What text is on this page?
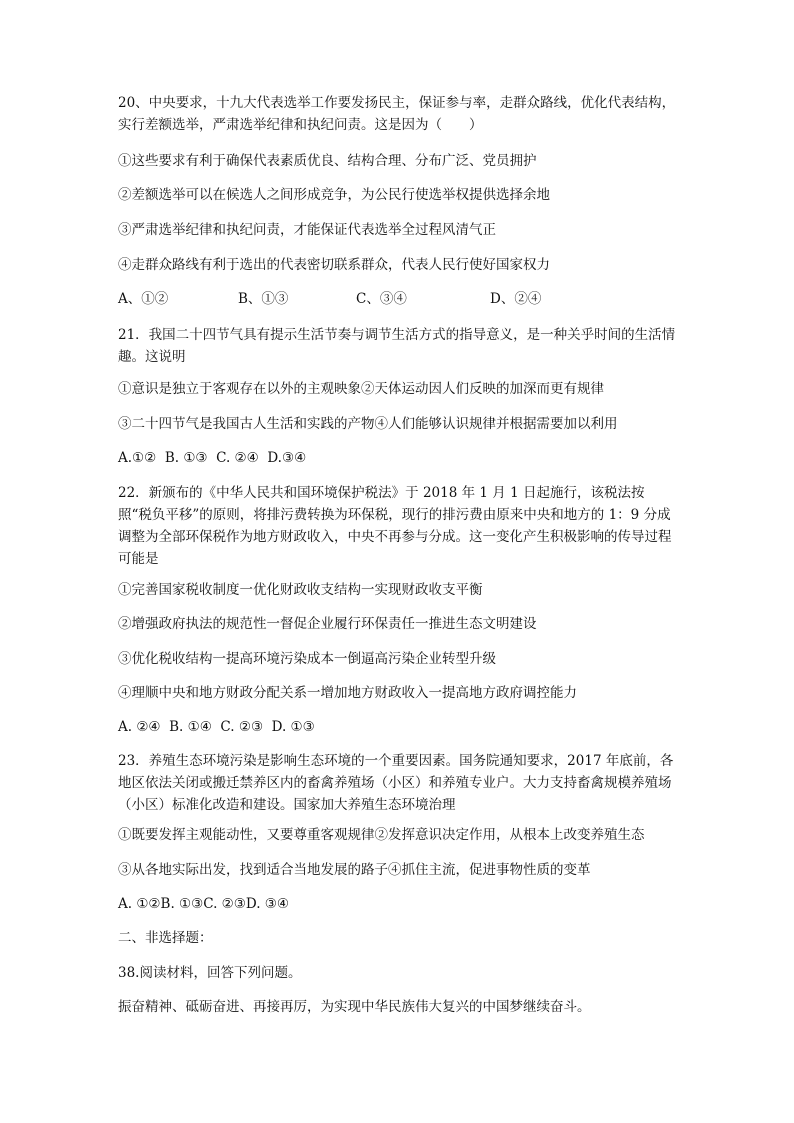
20、中央要求，十九大代表选举工作要发扬民主，保证参与率，走群众路线，优化代表结构，实行差额选举，严肃选举纪律和执纪问责。这是因为（　　）

①这些要求有利于确保代表素质优良、结构合理、分布广泛、党员拥护

②差额选举可以在候选人之间形成竞争，为公民行使选举权提供选择余地

③严肃选举纪律和执纪问责，才能保证代表选举全过程风清气正

④走群众路线有利于选出的代表密切联系群众，代表人民行使好国家权力

A、①②	B、①③	C、③④	D、②④

21．我国二十四节气具有提示生活节奏与调节生活方式的指导意义，是一种关乎时间的生活情趣。这说明

①意识是独立于客观存在以外的主观映象②天体运动因人们反映的加深而更有规律

③二十四节气是我国古人生活和实践的产物④人们能够认识规律并根据需要加以利用

A.①②  B. ①③  C. ②④  D.③④

22．新颁布的《中华人民共和国环境保护税法》于 2018 年 1 月 1 日起施行，该税法按照“税负平移”的原则，将排污费转换为环保税，现行的排污费由原来中央和地方的 1：9 分成调整为全部环保税作为地方财政收入，中央不再参与分成。这一变化产生积极影响的传导过程可能是

①完善国家税收制度一优化财政收支结构一实现财政收支平衡

②增强政府执法的规范性一督促企业履行环保责任一推进生态文明建设

③优化税收结构一提高环境污染成本一倒逼高污染企业转型升级

④理顺中央和地方财政分配关系一增加地方财政收入一提高地方政府调控能力

A. ②④  B. ①④  C. ②③  D. ①③

23．养殖生态环境污染是影响生态环境的一个重要因素。国务院通知要求，2017 年底前，各地区依法关闭或搬迁禁养区内的畜禽养殖场（小区）和养殖专业户。大力支持畜禽规模养殖场（小区）标准化改造和建设。国家加大养殖生态环境治理

①既要发挥主观能动性，又要尊重客观规律②发挥意识决定作用，从根本上改变养殖生态

③从各地实际出发，找到适合当地发展的路子④抓住主流，促进事物性质的变革

A. ①②B. ①③C. ②③D. ③④

二、非选择题：

38.阅读材料，回答下列问题。

振奋精神、砥砺奋进、再接再厉，为实现中华民族伟大复兴的中国梦继续奋斗。
